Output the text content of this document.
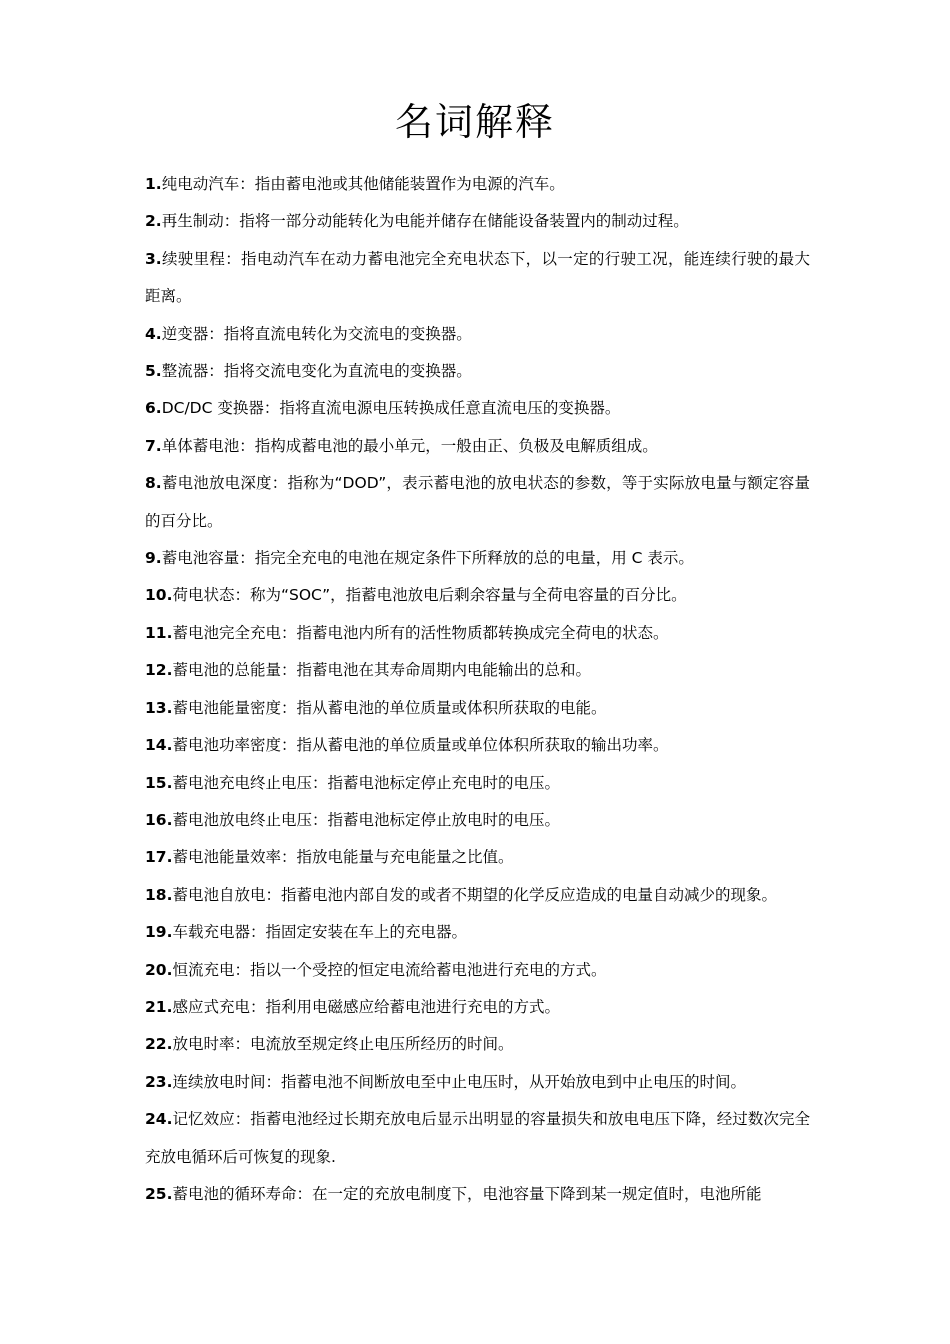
名词解释
1.纯电动汽车：指由蓄电池或其他储能装置作为电源的汽车。
2.再生制动：指将一部分动能转化为电能并储存在储能设备装置内的制动过程。
3.续驶里程：指电动汽车在动力蓄电池完全充电状态下，以一定的行驶工况，能连续行驶的最大距离。
4.逆变器：指将直流电转化为交流电的变换器。
5.整流器：指将交流电变化为直流电的变换器。
6.DC/DC 变换器：指将直流电源电压转换成任意直流电压的变换器。
7.单体蓄电池：指构成蓄电池的最小单元，一般由正、负极及电解质组成。
8.蓄电池放电深度：指称为“DOD”，表示蓄电池的放电状态的参数，等于实际放电量与额定容量的百分比。
9.蓄电池容量：指完全充电的电池在规定条件下所释放的总的电量，用 C 表示。
10.荷电状态：称为“SOC”，指蓄电池放电后剩余容量与全荷电容量的百分比。
11.蓄电池完全充电：指蓄电池内所有的活性物质都转换成完全荷电的状态。
12.蓄电池的总能量：指蓄电池在其寿命周期内电能输出的总和。
13.蓄电池能量密度：指从蓄电池的单位质量或体积所获取的电能。
14.蓄电池功率密度：指从蓄电池的单位质量或单位体积所获取的输出功率。
15.蓄电池充电终止电压：指蓄电池标定停止充电时的电压。
16.蓄电池放电终止电压：指蓄电池标定停止放电时的电压。
17.蓄电池能量效率：指放电能量与充电能量之比值。
18.蓄电池自放电：指蓄电池内部自发的或者不期望的化学反应造成的电量自动减少的现象。
19.车载充电器：指固定安装在车上的充电器。
20.恒流充电：指以一个受控的恒定电流给蓄电池进行充电的方式。
21.感应式充电：指利用电磁感应给蓄电池进行充电的方式。
22.放电时率：电流放至规定终止电压所经历的时间。
23.连续放电时间：指蓄电池不间断放电至中止电压时，从开始放电到中止电压的时间。
24.记忆效应：指蓄电池经过长期充放电后显示出明显的容量损失和放电电压下降，经过数次完全充放电循环后可恢复的现象.
25.蓄电池的循环寿命：在一定的充放电制度下，电池容量下降到某一规定值时，电池所能
